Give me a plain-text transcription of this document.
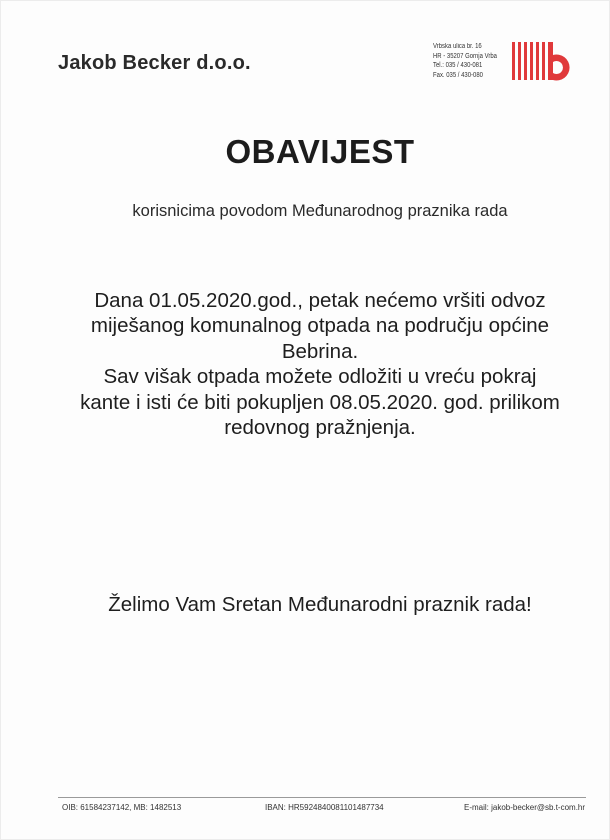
Jakob Becker d.o.o.
Vrbska ulica br. 16
HR - 35207 Gornja Vrba
Tel.: 035 / 430-081
Fax. 035 / 430-080
OBAVIJEST
korisnicima povodom Međunarodnog praznika rada

Dana 01.05.2020.god., petak nećemo vršiti odvoz miješanog komunalnog otpada na području općine Bebrina.

Sav višak otpada možete odložiti u vreću pokraj kante i isti će biti pokupljen 08.05.2020. god. prilikom redovnog pražnjenja.

Želimo Vam Sretan Međunarodni praznik rada!
OIB: 61584237142, MB: 1482513	IBAN: HR5924840081101487734	E-mail: jakob-becker@sb.t-com.hr
